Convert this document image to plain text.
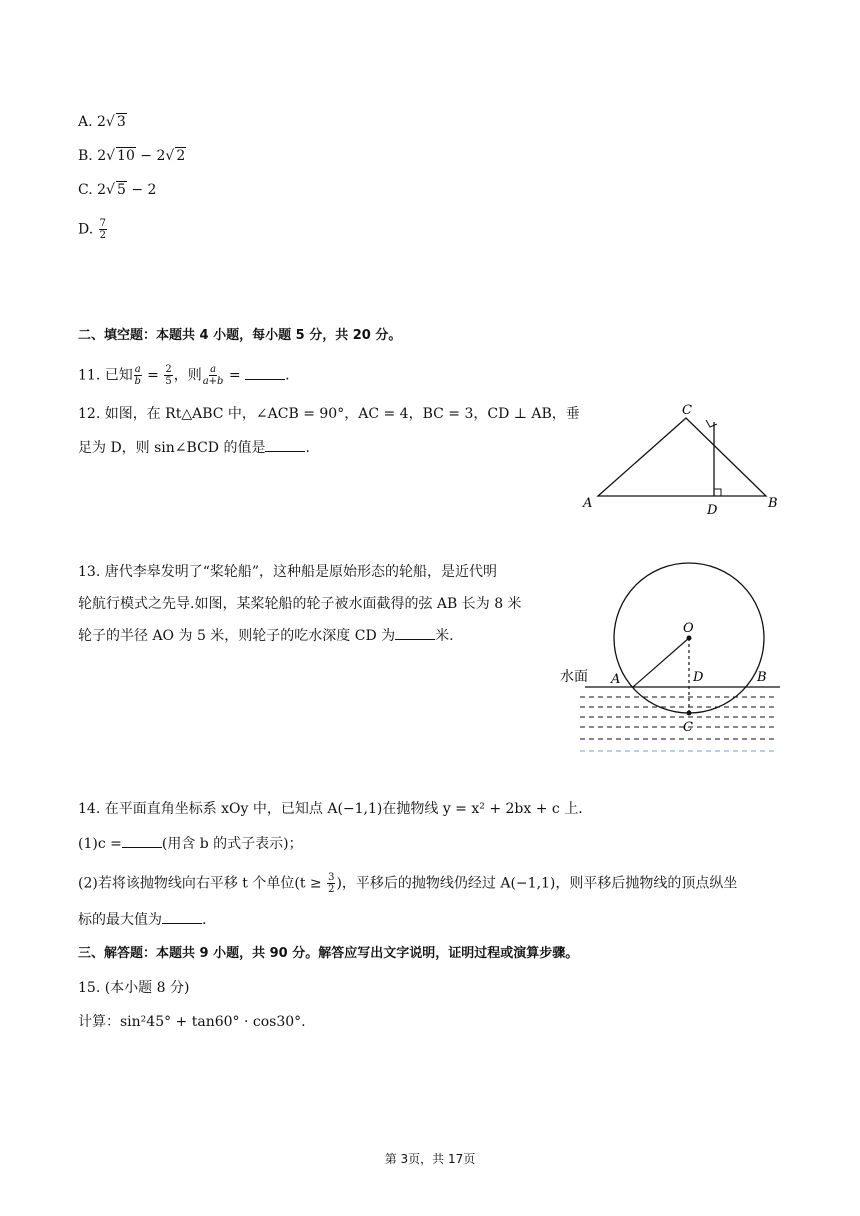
A. 2√ 3
B. 2√ 10 − 2√ 2
C. 2√ 5 − 2
D. $\frac{7}{2}$
二、填空题：本题共 4 小题，每小题 5 分，共 20 分。
11. 已知 $\frac{a}{b} = \frac{2}{5}$ ，则 $\frac{a}{a+b}$ =	.
12. 如图，在 Rt△ABC 中，∠ACB = 90°，AC = 4，BC = 3，CD ⊥ AB，垂
足为 D，则 sin∠BCD 的值是	.
A	B
C
D
13. 唐代李皋发明了“桨轮船”，这种船是原始形态的轮船，是近代明
轮航行模式之先导.如图，某桨轮船的轮子被水面截得的弦 AB 长为 8 米
轮子的半径 AO 为 5 米，则轮子的吃水深度 CD 为	米.
水面
O
A	D	B
C
14. 在平面直角坐标系 xOy 中，已知点 A(−1,1)在抛物线 y = x² + 2bx + c 上.
(1)c =	(用含 b 的式子表示)；
(2)若将该抛物线向右平移 t 个单位($t \ge \frac{3}{2}$ )，平移后的抛物线仍经过 A(−1,1)，则平移后抛物线的顶点纵坐
标的最大值为	.
三、解答题：本题共 9 小题，共 90 分。解答应写出文字说明，证明过程或演算步骤。
15. (本小题 8 分)
计算：sin²45° + tan60° · cos30°.
第 3页，共 17页
